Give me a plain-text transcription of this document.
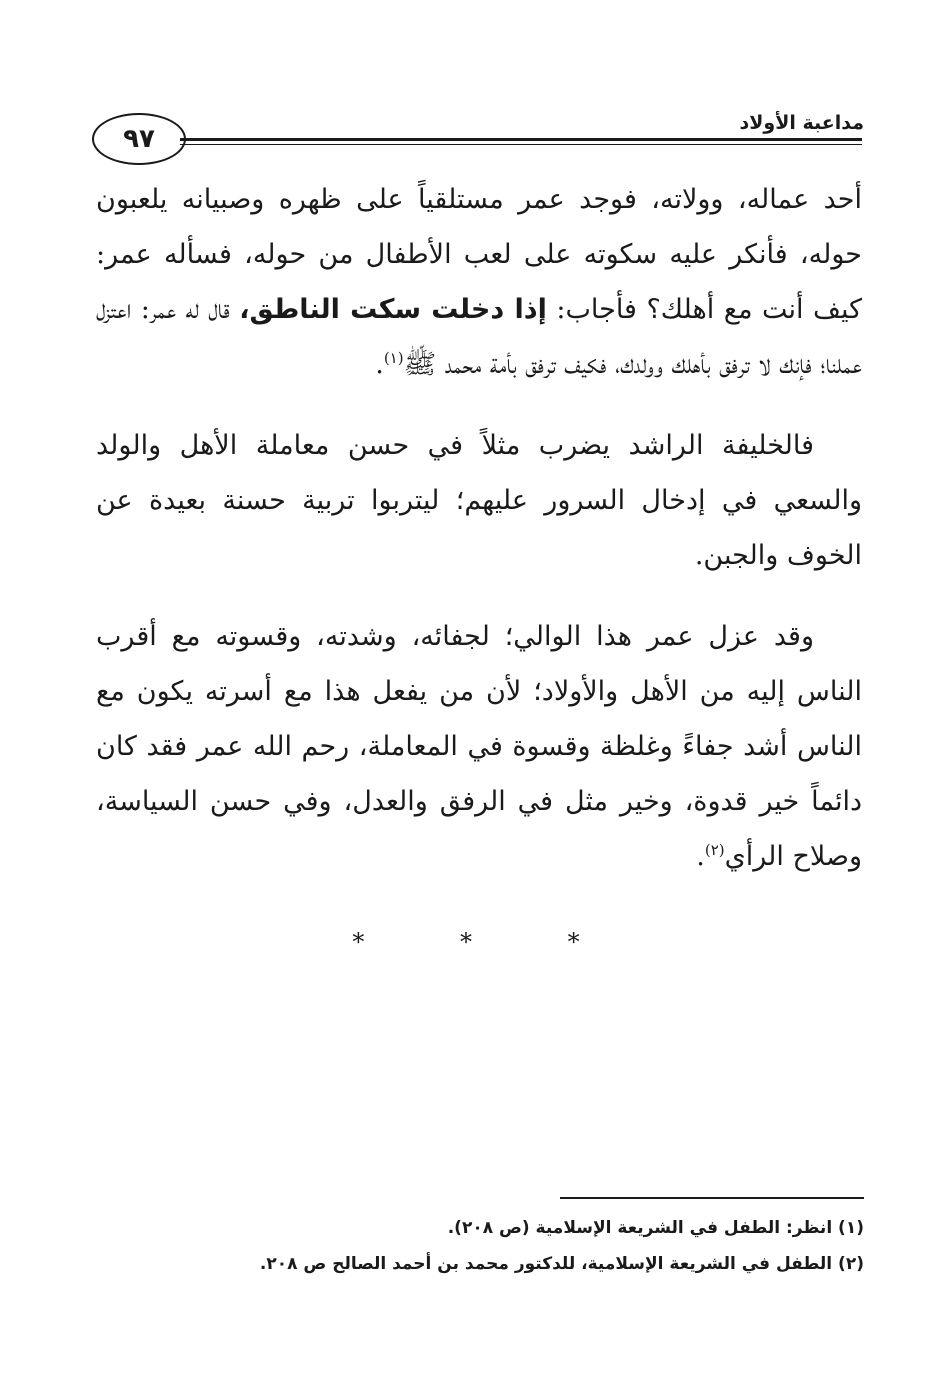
مداعبة الأولاد
٩٧

أحد عماله، وولاته، فوجد عمر مستلقياً على ظهره وصبيانه يلعبون حوله، فأنكر عليه سكوته على لعب الأطفال من حوله، فسأله عمر: كيف أنت مع أهلك؟ فأجاب: إذا دخلت سكت الناطق، قال له عمر: اعتزل عملنا؛ فإنك لا ترفق بأهلك وولدك، فكيف ترفق بأمة محمد ﷺ$^{(١)}$.

فالخليفة الراشد يضرب مثلاً في حسن معاملة الأهل والولد والسعي في إدخال السرور عليهم؛ ليتربوا تربية حسنة بعيدة عن الخوف والجبن.

وقد عزل عمر هذا الوالي؛ لجفائه، وشدته، وقسوته مع أقرب الناس إليه من الأهل والأولاد؛ لأن من يفعل هذا مع أسرته يكون مع الناس أشد جفاءً وغلظة وقسوة في المعاملة، رحم الله عمر فقد كان دائماً خير قدوة، وخير مثل في الرفق والعدل، وفي حسن السياسة، وصلاح الرأي$^{(٢)}$.

* * *
(١) انظر: الطفل في الشريعة الإسلامية (ص ٢٠٨).
(٢) الطفل في الشريعة الإسلامية، للدكتور محمد بن أحمد الصالح ص ٢٠٨.
